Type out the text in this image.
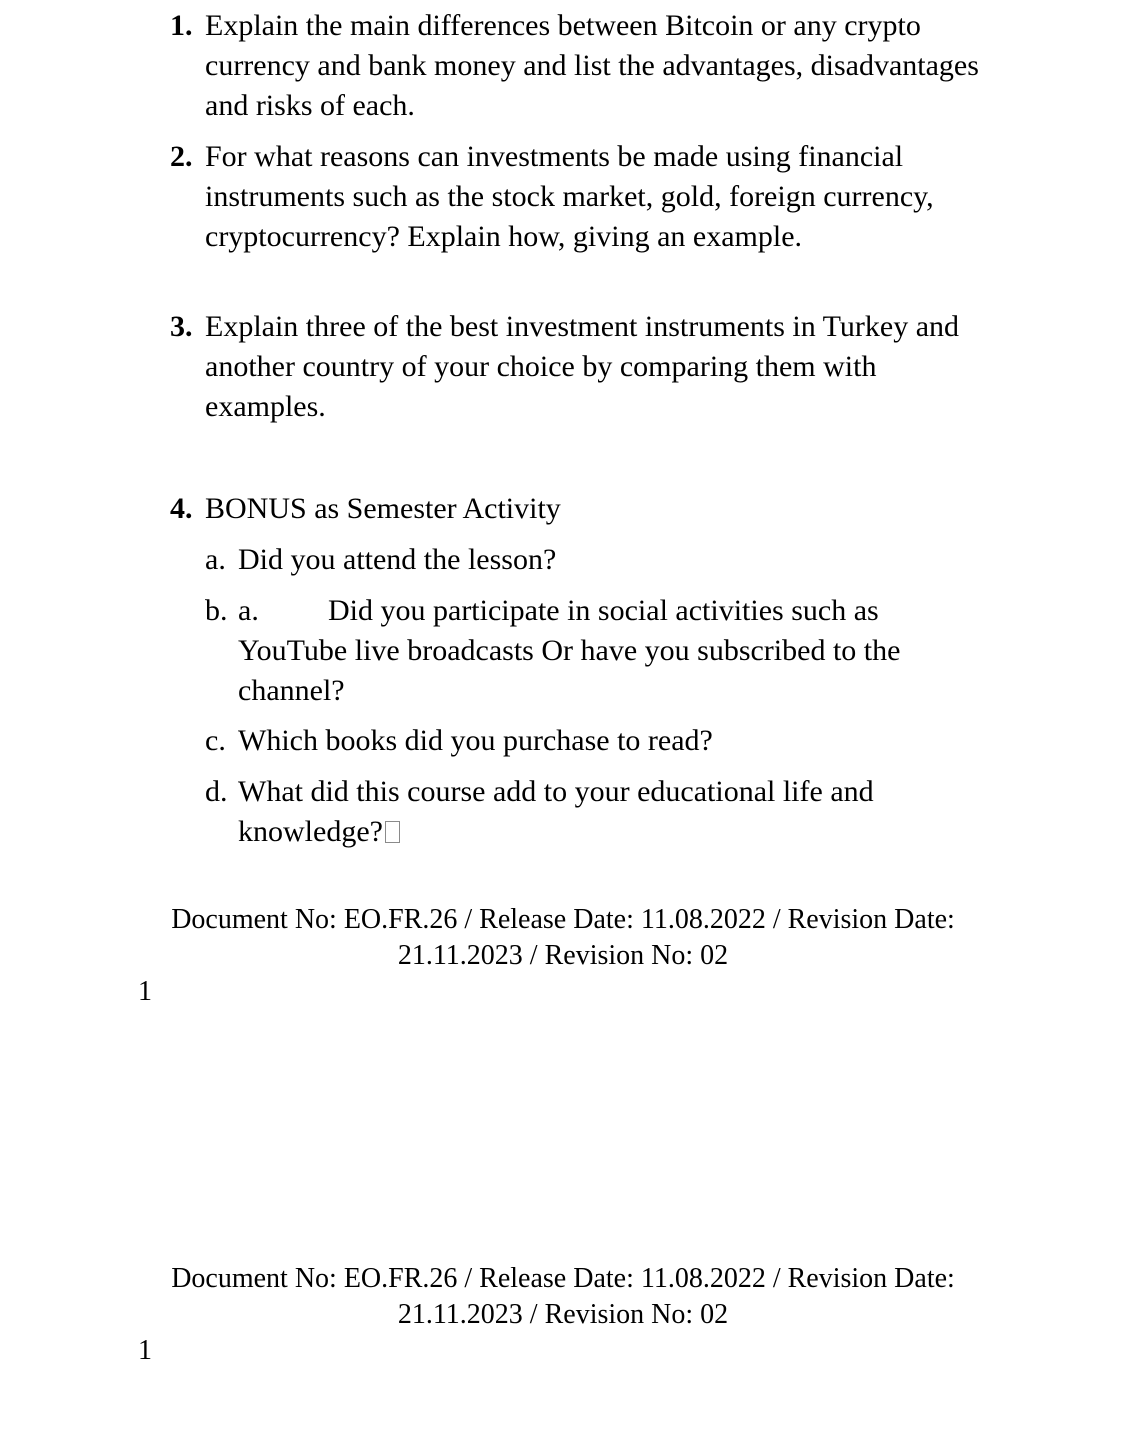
1. Explain the main differences between Bitcoin or any crypto currency and bank money and list the advantages, disadvantages and risks of each.
2. For what reasons can investments be made using financial instruments such as the stock market, gold, foreign currency, cryptocurrency? Explain how, giving an example.
3. Explain three of the best investment instruments in Turkey and another country of your choice by comparing them with examples.
4. BONUS as Semester Activity
a. Did you attend the lesson?
b. a. Did you participate in social activities such as YouTube live broadcasts Or have you subscribed to the channel?
c. Which books did you purchase to read?
d. What did this course add to your educational life and knowledge?
Document No: EO.FR.26 / Release Date: 11.08.2022 / Revision Date:
21.11.2023 / Revision No: 02
1
Document No: EO.FR.26 / Release Date: 11.08.2022 / Revision Date:
21.11.2023 / Revision No: 02
1
